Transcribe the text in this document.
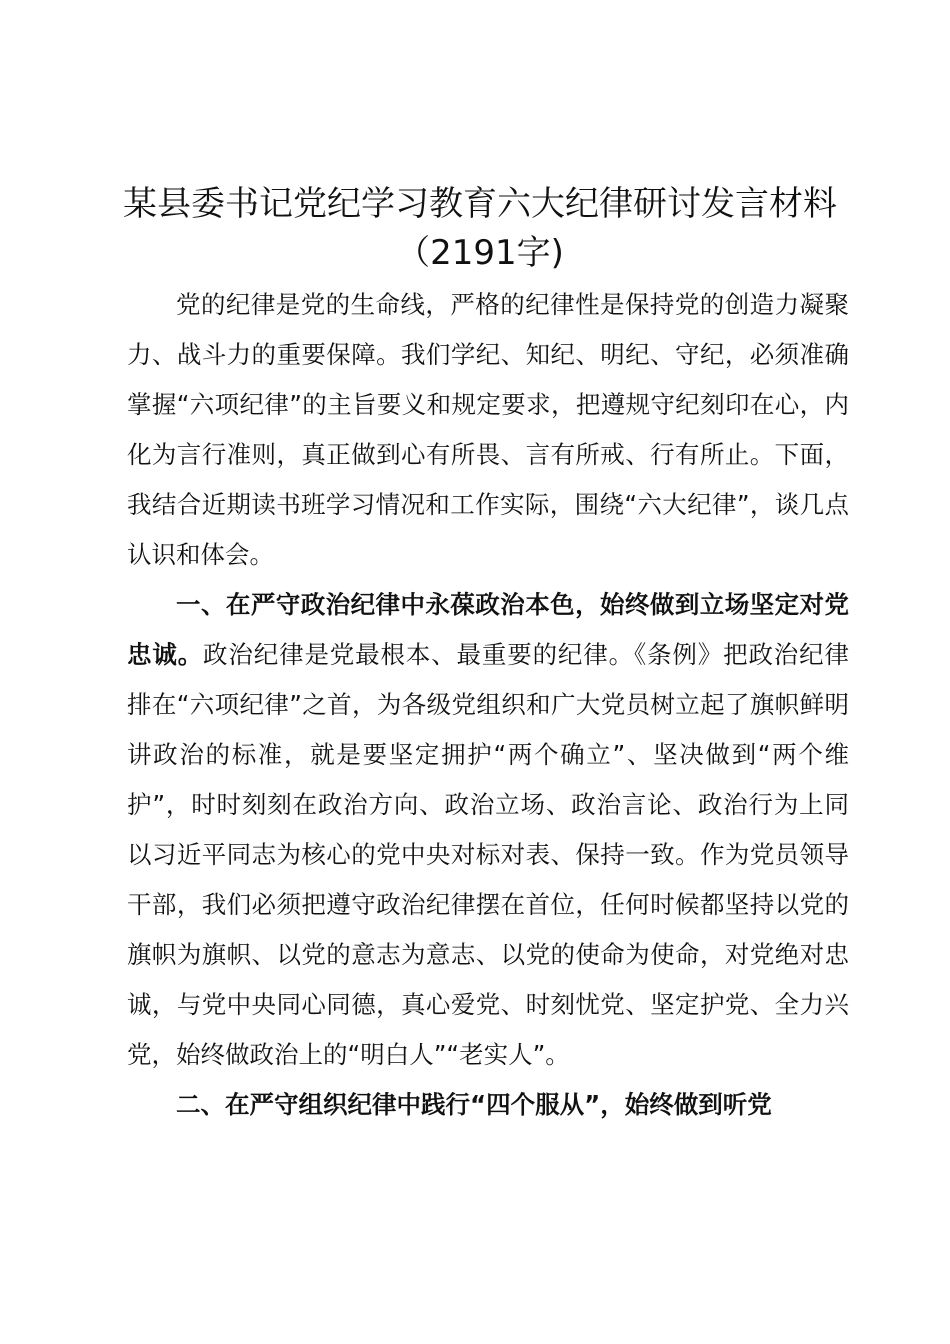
某县委书记党纪学习教育六大纪律研讨发言材料（2191字)

党的纪律是党的生命线，严格的纪律性是保持党的创造力凝聚力、战斗力的重要保障。我们学纪、知纪、明纪、守纪，必须准确掌握“六项纪律”的主旨要义和规定要求，把遵规守纪刻印在心，内化为言行准则，真正做到心有所畏、言有所戒、行有所止。下面，我结合近期读书班学习情况和工作实际，围绕“六大纪律”，谈几点认识和体会。

一、在严守政治纪律中永葆政治本色，始终做到立场坚定对党忠诚。政治纪律是党最根本、最重要的纪律。《条例》把政治纪律排在“六项纪律”之首，为各级党组织和广大党员树立起了旗帜鲜明讲政治的标准，就是要坚定拥护“两个确立”、坚决做到“两个维护”，时时刻刻在政治方向、政治立场、政治言论、政治行为上同以习近平同志为核心的党中央对标对表、保持一致。作为党员领导干部，我们必须把遵守政治纪律摆在首位，任何时候都坚持以党的旗帜为旗帜、以党的意志为意志、以党的使命为使命，对党绝对忠诚，与党中央同心同德，真心爱党、时刻忧党、坚定护党、全力兴党，始终做政治上的“明白人”“老实人”。

二、在严守组织纪律中践行“四个服从”，始终做到听党
